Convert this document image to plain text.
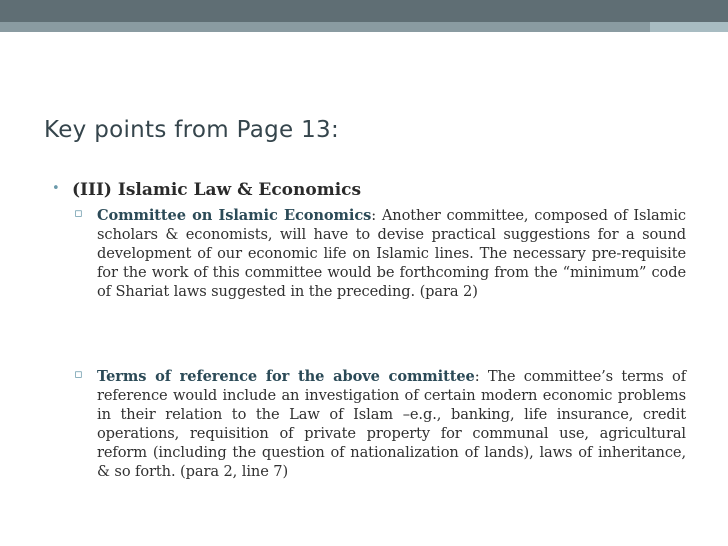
Key points from Page 13:
• (III) Islamic Law & Economics
▫ Committee on Islamic Economics: Another committee, composed of Islamic scholars & economists, will have to devise practical suggestions for a sound development of our economic life on Islamic lines. The necessary pre-requisite for the work of this committee would be forthcoming from the “minimum” code of Shariat laws suggested in the preceding. (para 2)

▫ Terms of reference for the above committee: The committee’s terms of reference would include an investigation of certain modern economic problems in their relation to the Law of Islam –e.g., banking, life insurance, credit operations, requisition of private property for communal use, agricultural reform (including the question of nationalization of lands), laws of inheritance, & so forth. (para 2, line 7)
